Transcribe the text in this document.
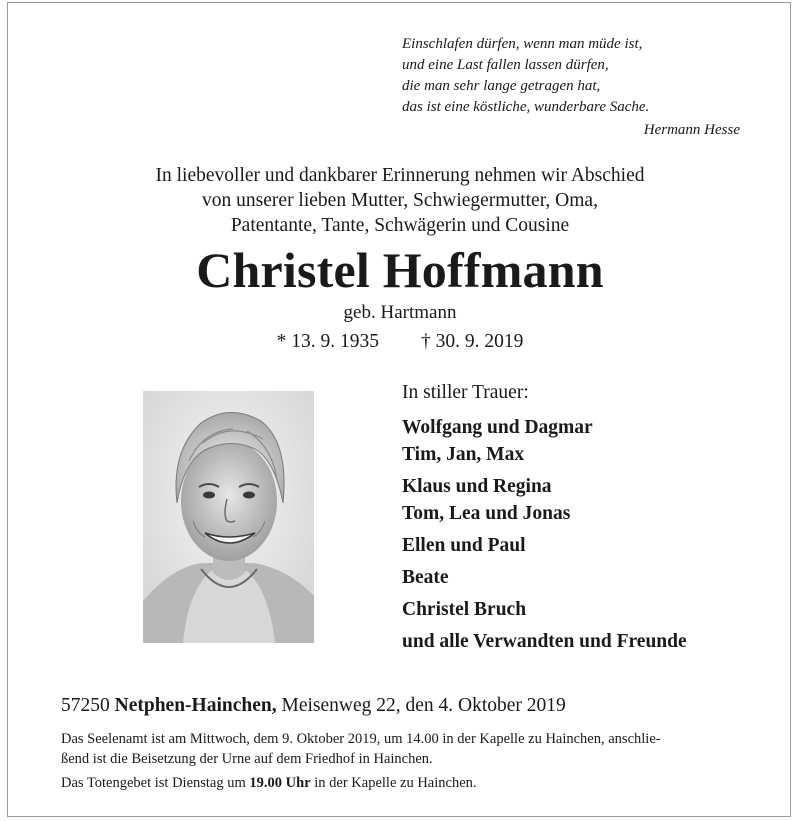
Einschlafen dürfen, wenn man müde ist,
und eine Last fallen lassen dürfen,
die man sehr lange getragen hat,
das ist eine köstliche, wunderbare Sache.
Hermann Hesse
In liebevoller und dankbarer Erinnerung nehmen wir Abschied
von unserer lieben Mutter, Schwiegermutter, Oma,
Patentante, Tante, Schwägerin und Cousine
Christel Hoffmann
geb. Hartmann
* 13. 9. 1935 † 30. 9. 2019
In stiller Trauer:
Wolfgang und Dagmar
Tim, Jan, Max
Klaus und Regina
Tom, Lea und Jonas
Ellen und Paul
Beate
Christel Bruch
und alle Verwandten und Freunde
57250 Netphen-Hainchen, Meisenweg 22, den 4. Oktober 2019
Das Seelenamt ist am Mittwoch, dem 9. Oktober 2019, um 14.00 in der Kapelle zu Hainchen, anschlie-
ßend ist die Beisetzung der Urne auf dem Friedhof in Hainchen.
Das Totengebet ist Dienstag um 19.00 Uhr in der Kapelle zu Hainchen.
